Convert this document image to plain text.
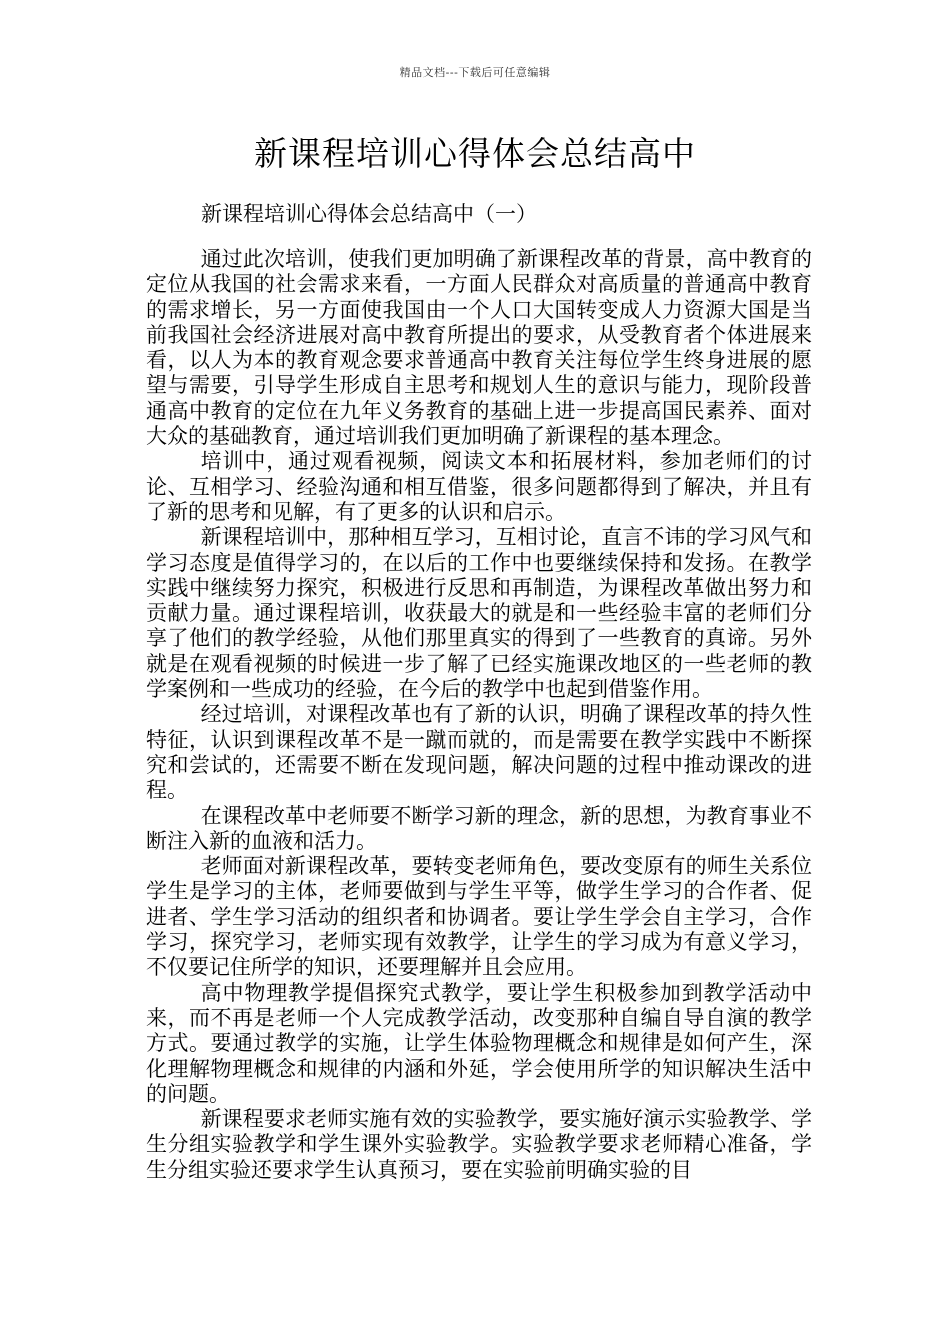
精品文档---下载后可任意编辑
新课程培训心得体会总结高中
新课程培训心得体会总结高中（一）

通过此次培训，使我们更加明确了新课程改革的背景，高中教育的定位从我国的社会需求来看，一方面人民群众对高质量的普通高中教育的需求增长，另一方面使我国由一个人口大国转变成人力资源大国是当前我国社会经济进展对高中教育所提出的要求，从受教育者个体进展来看，以人为本的教育观念要求普通高中教育关注每位学生终身进展的愿望与需要，引导学生形成自主思考和规划人生的意识与能力，现阶段普通高中教育的定位在九年义务教育的基础上进一步提高国民素养、面对大众的基础教育，通过培训我们更加明确了新课程的基本理念。

培训中，通过观看视频，阅读文本和拓展材料，参加老师们的讨论、互相学习、经验沟通和相互借鉴，很多问题都得到了解决，并且有了新的思考和见解，有了更多的认识和启示。

新课程培训中，那种相互学习，互相讨论，直言不讳的学习风气和学习态度是值得学习的，在以后的工作中也要继续保持和发扬。在教学实践中继续努力探究，积极进行反思和再制造，为课程改革做出努力和贡献力量。通过课程培训，收获最大的就是和一些经验丰富的老师们分享了他们的教学经验，从他们那里真实的得到了一些教育的真谛。另外就是在观看视频的时候进一步了解了已经实施课改地区的一些老师的教学案例和一些成功的经验，在今后的教学中也起到借鉴作用。

经过培训，对课程改革也有了新的认识，明确了课程改革的持久性特征，认识到课程改革不是一蹴而就的，而是需要在教学实践中不断探究和尝试的，还需要不断在发现问题，解决问题的过程中推动课改的进程。

在课程改革中老师要不断学习新的理念，新的思想，为教育事业不断注入新的血液和活力。

老师面对新课程改革，要转变老师角色，要改变原有的师生关系位学生是学习的主体，老师要做到与学生平等，做学生学习的合作者、促进者、学生学习活动的组织者和协调者。要让学生学会自主学习，合作学习，探究学习，老师实现有效教学，让学生的学习成为有意义学习，不仅要记住所学的知识，还要理解并且会应用。

高中物理教学提倡探究式教学，要让学生积极参加到教学活动中来，而不再是老师一个人完成教学活动，改变那种自编自导自演的教学方式。要通过教学的实施，让学生体验物理概念和规律是如何产生，深化理解物理概念和规律的内涵和外延，学会使用所学的知识解决生活中的问题。

新课程要求老师实施有效的实验教学，要实施好演示实验教学、学生分组实验教学和学生课外实验教学。实验教学要求老师精心准备，学生分组实验还要求学生认真预习，要在实验前明确实验的目
